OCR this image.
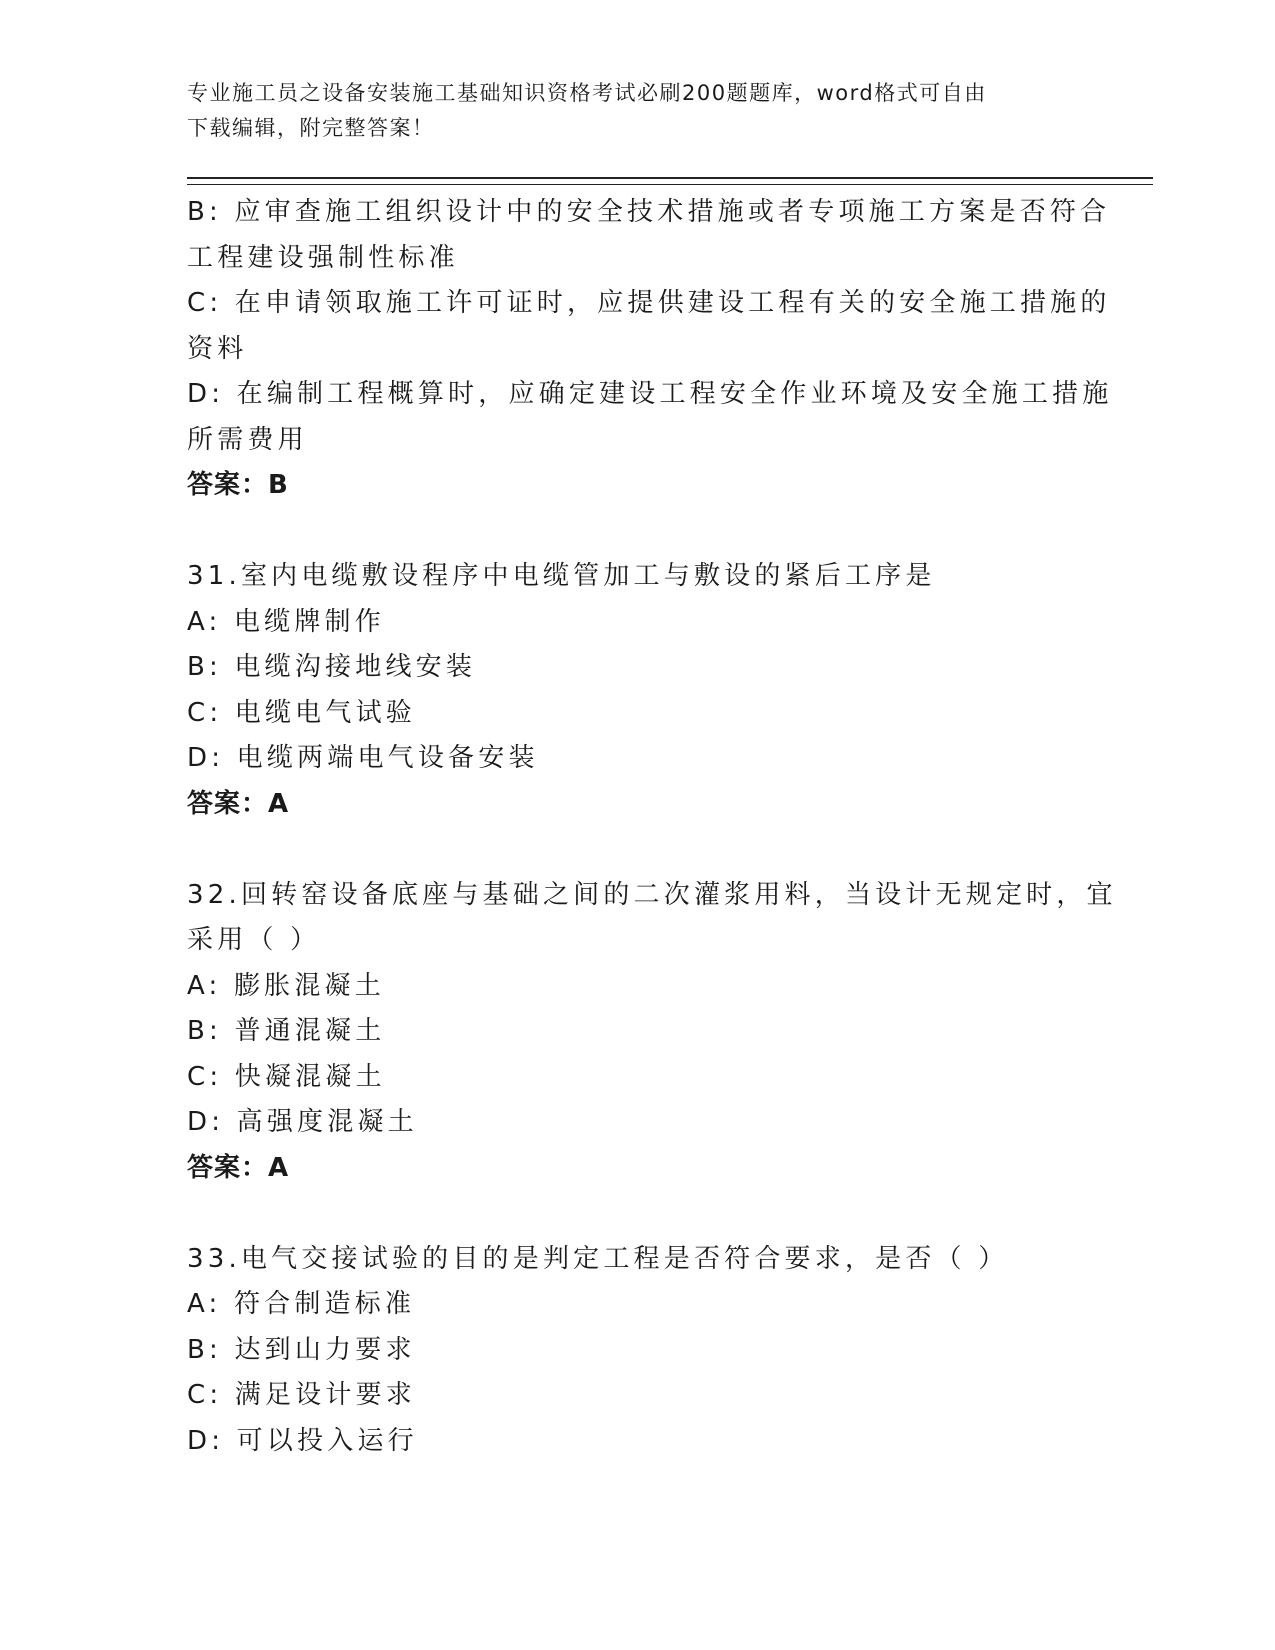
专业施工员之设备安装施工基础知识资格考试必刷200题题库，word格式可自由
下载编辑，附完整答案！
B: 应审查施工组织设计中的安全技术措施或者专项施工方案是否符合
工程建设强制性标准
C: 在申请领取施工许可证时，应提供建设工程有关的安全施工措施的
资料
D: 在编制工程概算时，应确定建设工程安全作业环境及安全施工措施
所需费用
答案：B
31.室内电缆敷设程序中电缆管加工与敷设的紧后工序是
A: 电缆牌制作
B: 电缆沟接地线安装
C: 电缆电气试验
D: 电缆两端电气设备安装
答案：A
32.回转窑设备底座与基础之间的二次灌浆用料，当设计无规定时，宜
采用（ ）
A: 膨胀混凝土
B: 普通混凝土
C: 快凝混凝土
D: 高强度混凝土
答案：A
33.电气交接试验的目的是判定工程是否符合要求，是否（ ）
A: 符合制造标准
B: 达到山力要求
C: 满足设计要求
D: 可以投入运行
